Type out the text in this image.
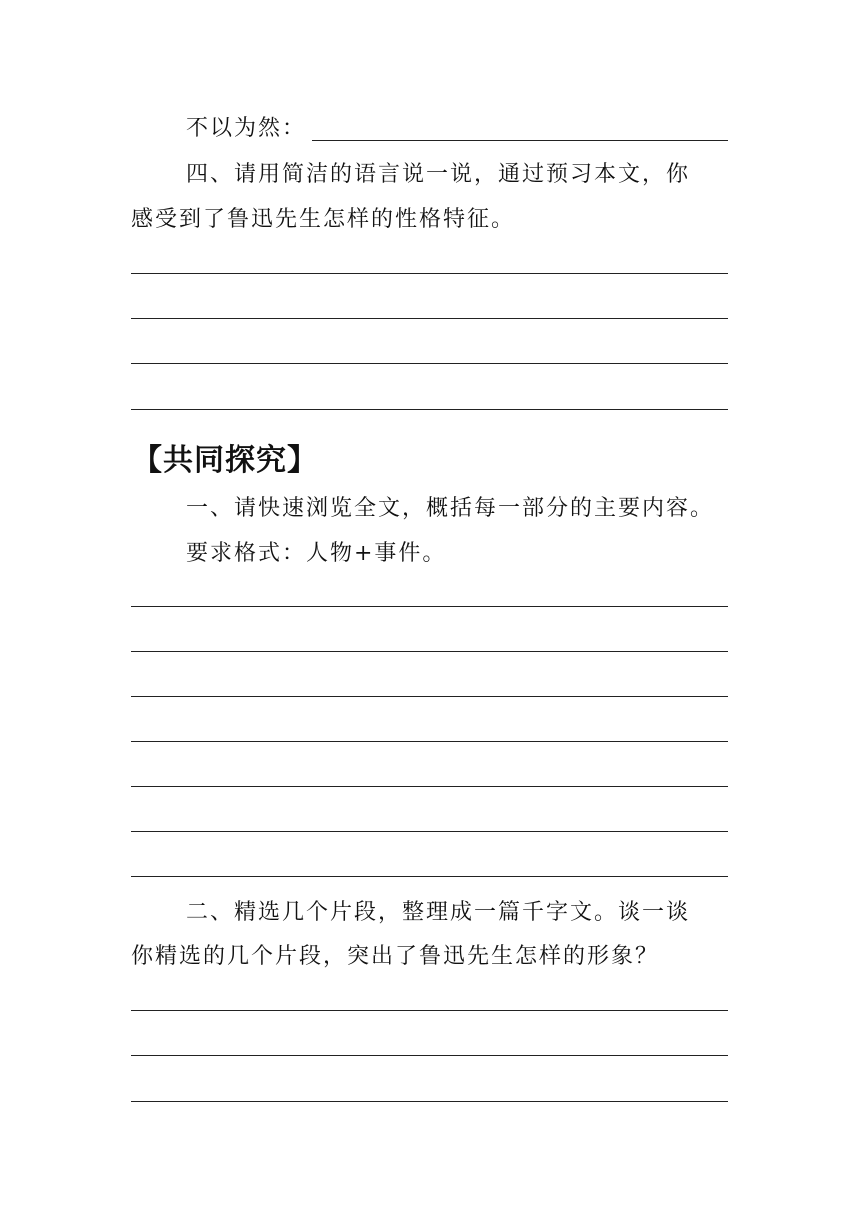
不以为然：
四、请用简洁的语言说一说，通过预习本文，你
感受到了鲁迅先生怎样的性格特征。
【共同探究】
一、请快速浏览全文，概括每一部分的主要内容。
要求格式：人物+事件。
二、精选几个片段，整理成一篇千字文。谈一谈
你精选的几个片段，突出了鲁迅先生怎样的形象？
